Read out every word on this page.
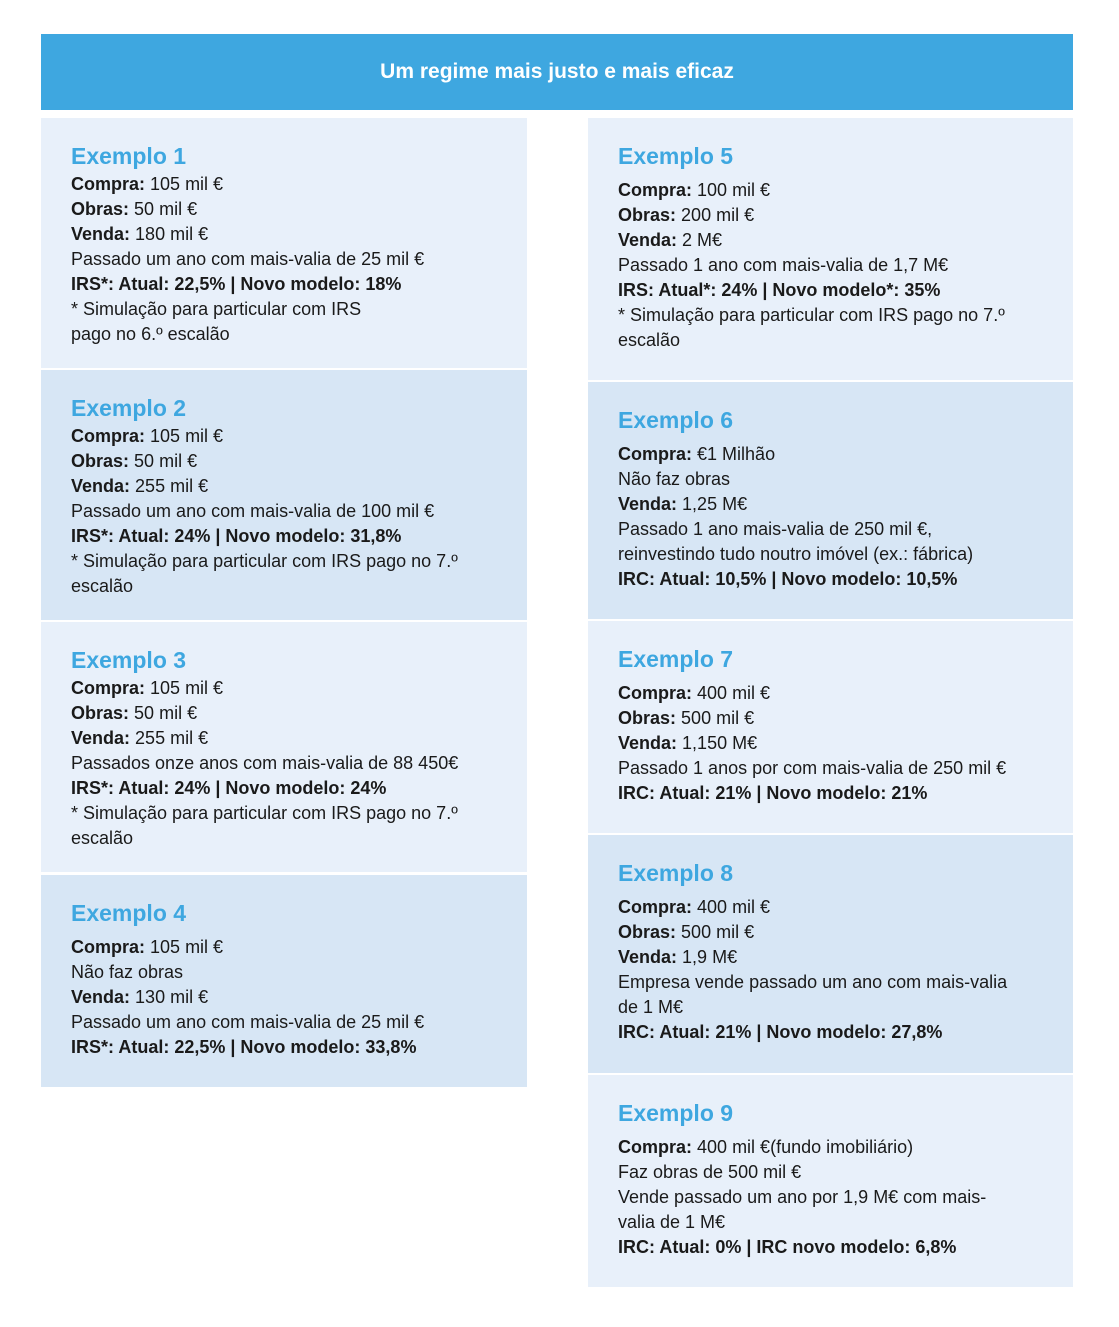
Um regime mais justo e mais eficaz
Exemplo 1
Compra: 105 mil €
Obras: 50 mil €
Venda: 180 mil €
Passado um ano com mais-valia de 25 mil €
IRS*: Atual: 22,5% | Novo modelo: 18%
* Simulação para particular com IRS
pago no 6.º escalão
Exemplo 2
Compra: 105 mil €
Obras: 50 mil €
Venda: 255 mil €
Passado um ano com mais-valia de 100 mil €
IRS*: Atual: 24% | Novo modelo: 31,8%
* Simulação para particular com IRS pago no 7.º
escalão
Exemplo 3
Compra: 105 mil €
Obras: 50 mil €
Venda: 255 mil €
Passados onze anos com mais-valia de 88 450€
IRS*: Atual: 24% | Novo modelo: 24%
* Simulação para particular com IRS pago no 7.º
escalão
Exemplo 4
Compra: 105 mil €
Não faz obras
Venda: 130 mil €
Passado um ano com mais-valia de 25 mil €
IRS*: Atual: 22,5% | Novo modelo: 33,8%
Exemplo 5
Compra: 100 mil €
Obras: 200 mil €
Venda: 2 M€
Passado 1 ano com mais-valia de 1,7 M€
IRS: Atual*: 24% | Novo modelo*: 35%
* Simulação para particular com IRS pago no 7.º
escalão
Exemplo 6
Compra: €1 Milhão
Não faz obras
Venda: 1,25 M€
Passado 1 ano mais-valia de 250 mil €,
reinvestindo tudo noutro imóvel (ex.: fábrica)
IRC: Atual: 10,5% | Novo modelo: 10,5%
Exemplo 7
Compra: 400 mil €
Obras: 500 mil €
Venda: 1,150 M€
Passado 1 anos por com mais-valia de 250 mil €
IRC: Atual: 21% | Novo modelo: 21%
Exemplo 8
Compra: 400 mil €
Obras: 500 mil €
Venda: 1,9 M€
Empresa vende passado um ano com mais-valia
de 1 M€
IRC: Atual: 21% | Novo modelo: 27,8%
Exemplo 9
Compra: 400 mil €(fundo imobiliário)
Faz obras de 500 mil €
Vende passado um ano por 1,9 M€ com mais-
valia de 1 M€
IRC: Atual: 0% | IRC novo modelo: 6,8%
